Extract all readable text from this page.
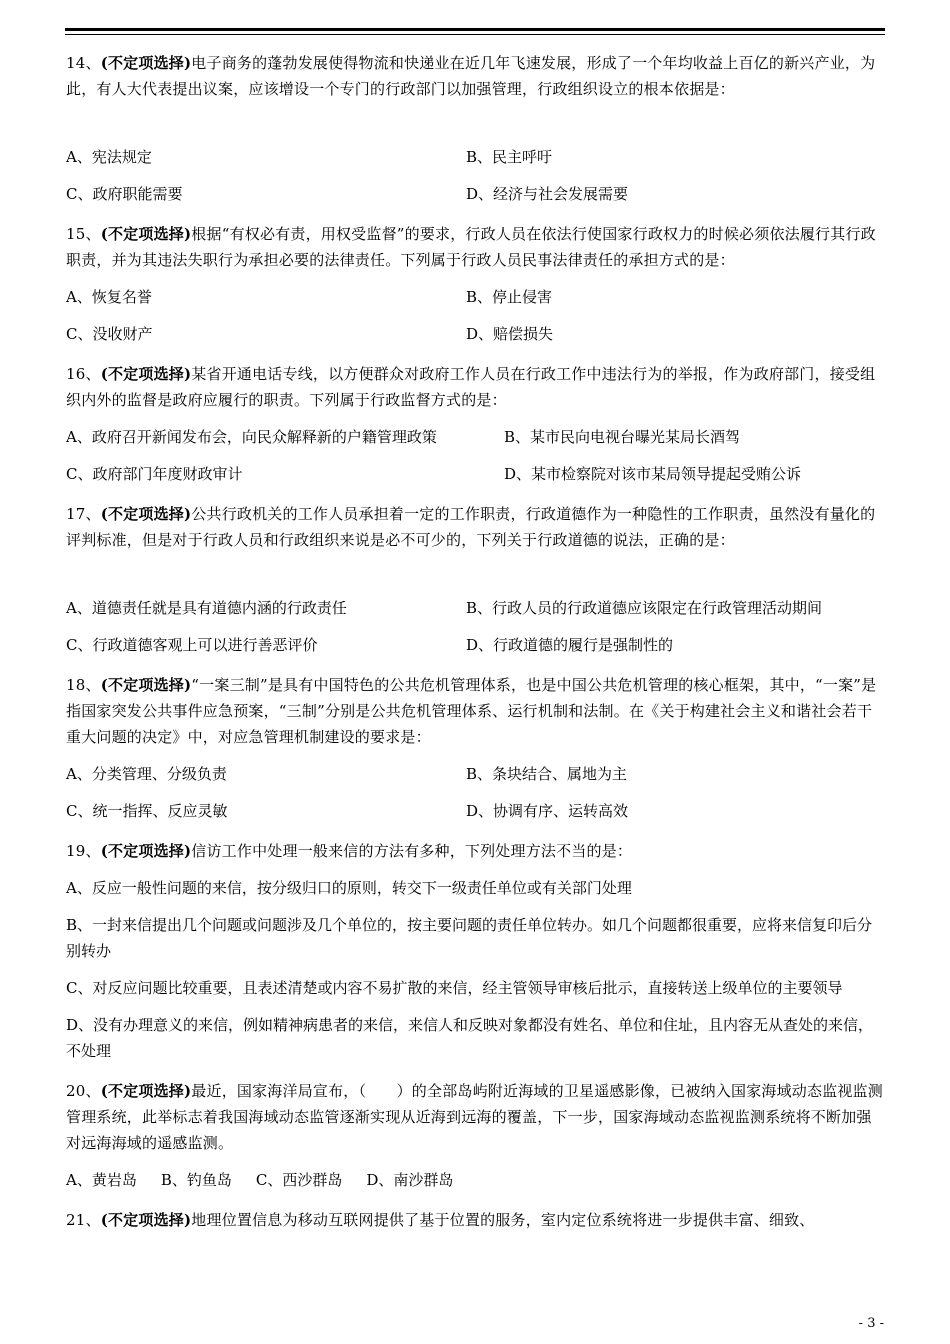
14、(不定项选择)电子商务的蓬勃发展使得物流和快递业在近几年飞速发展，形成了一个年均收益上百亿的新兴产业，为此，有人大代表提出议案，应该增设一个专门的行政部门以加强管理，行政组织设立的根本依据是：

A、宪法规定	B、民主呼吁
C、政府职能需要	D、经济与社会发展需要

15、(不定项选择)根据“有权必有责，用权受监督”的要求，行政人员在依法行使国家行政权力的时候必须依法履行其行政职责，并为其违法失职行为承担必要的法律责任。下列属于行政人员民事法律责任的承担方式的是：

A、恢复名誉	B、停止侵害
C、没收财产	D、赔偿损失

16、(不定项选择)某省开通电话专线，以方便群众对政府工作人员在行政工作中违法行为的举报，作为政府部门，接受组织内外的监督是政府应履行的职责。下列属于行政监督方式的是：

A、政府召开新闻发布会，向民众解释新的户籍管理政策	B、某市民向电视台曝光某局长酒驾
C、政府部门年度财政审计	D、某市检察院对该市某局领导提起受贿公诉

17、(不定项选择)公共行政机关的工作人员承担着一定的工作职责，行政道德作为一种隐性的工作职责，虽然没有量化的评判标准，但是对于行政人员和行政组织来说是必不可少的，下列关于行政道德的说法，正确的是：

A、道德责任就是具有道德内涵的行政责任	B、行政人员的行政道德应该限定在行政管理活动期间
C、行政道德客观上可以进行善恶评价	D、行政道德的履行是强制性的

18、(不定项选择)“一案三制”是具有中国特色的公共危机管理体系，也是中国公共危机管理的核心框架，其中，“一案”是指国家突发公共事件应急预案，“三制”分别是公共危机管理体系、运行机制和法制。在《关于构建社会主义和谐社会若干重大问题的决定》中，对应急管理机制建设的要求是：

A、分类管理、分级负责	B、条块结合、属地为主
C、统一指挥、反应灵敏	D、协调有序、运转高效

19、(不定项选择)信访工作中处理一般来信的方法有多种，下列处理方法不当的是：

A、反应一般性问题的来信，按分级归口的原则，转交下一级责任单位或有关部门处理

B、一封来信提出几个问题或问题涉及几个单位的，按主要问题的责任单位转办。如几个问题都很重要，应将来信复印后分别转办

C、对反应问题比较重要，且表述清楚或内容不易扩散的来信，经主管领导审核后批示，直接转送上级单位的主要领导

D、没有办理意义的来信，例如精神病患者的来信，来信人和反映对象都没有姓名、单位和住址，且内容无从查处的来信，不处理

20、(不定项选择)最近，国家海洋局宣布，（　　）的全部岛屿附近海域的卫星遥感影像，已被纳入国家海域动态监视监测管理系统，此举标志着我国海域动态监管逐渐实现从近海到远海的覆盖，下一步，国家海域动态监视监测系统将不断加强对远海海域的遥感监测。

A、黄岩岛 B、钓鱼岛 C、西沙群岛 D、南沙群岛

21、(不定项选择)地理位置信息为移动互联网提供了基于位置的服务，室内定位系统将进一步提供丰富、细致、

- 3 -
